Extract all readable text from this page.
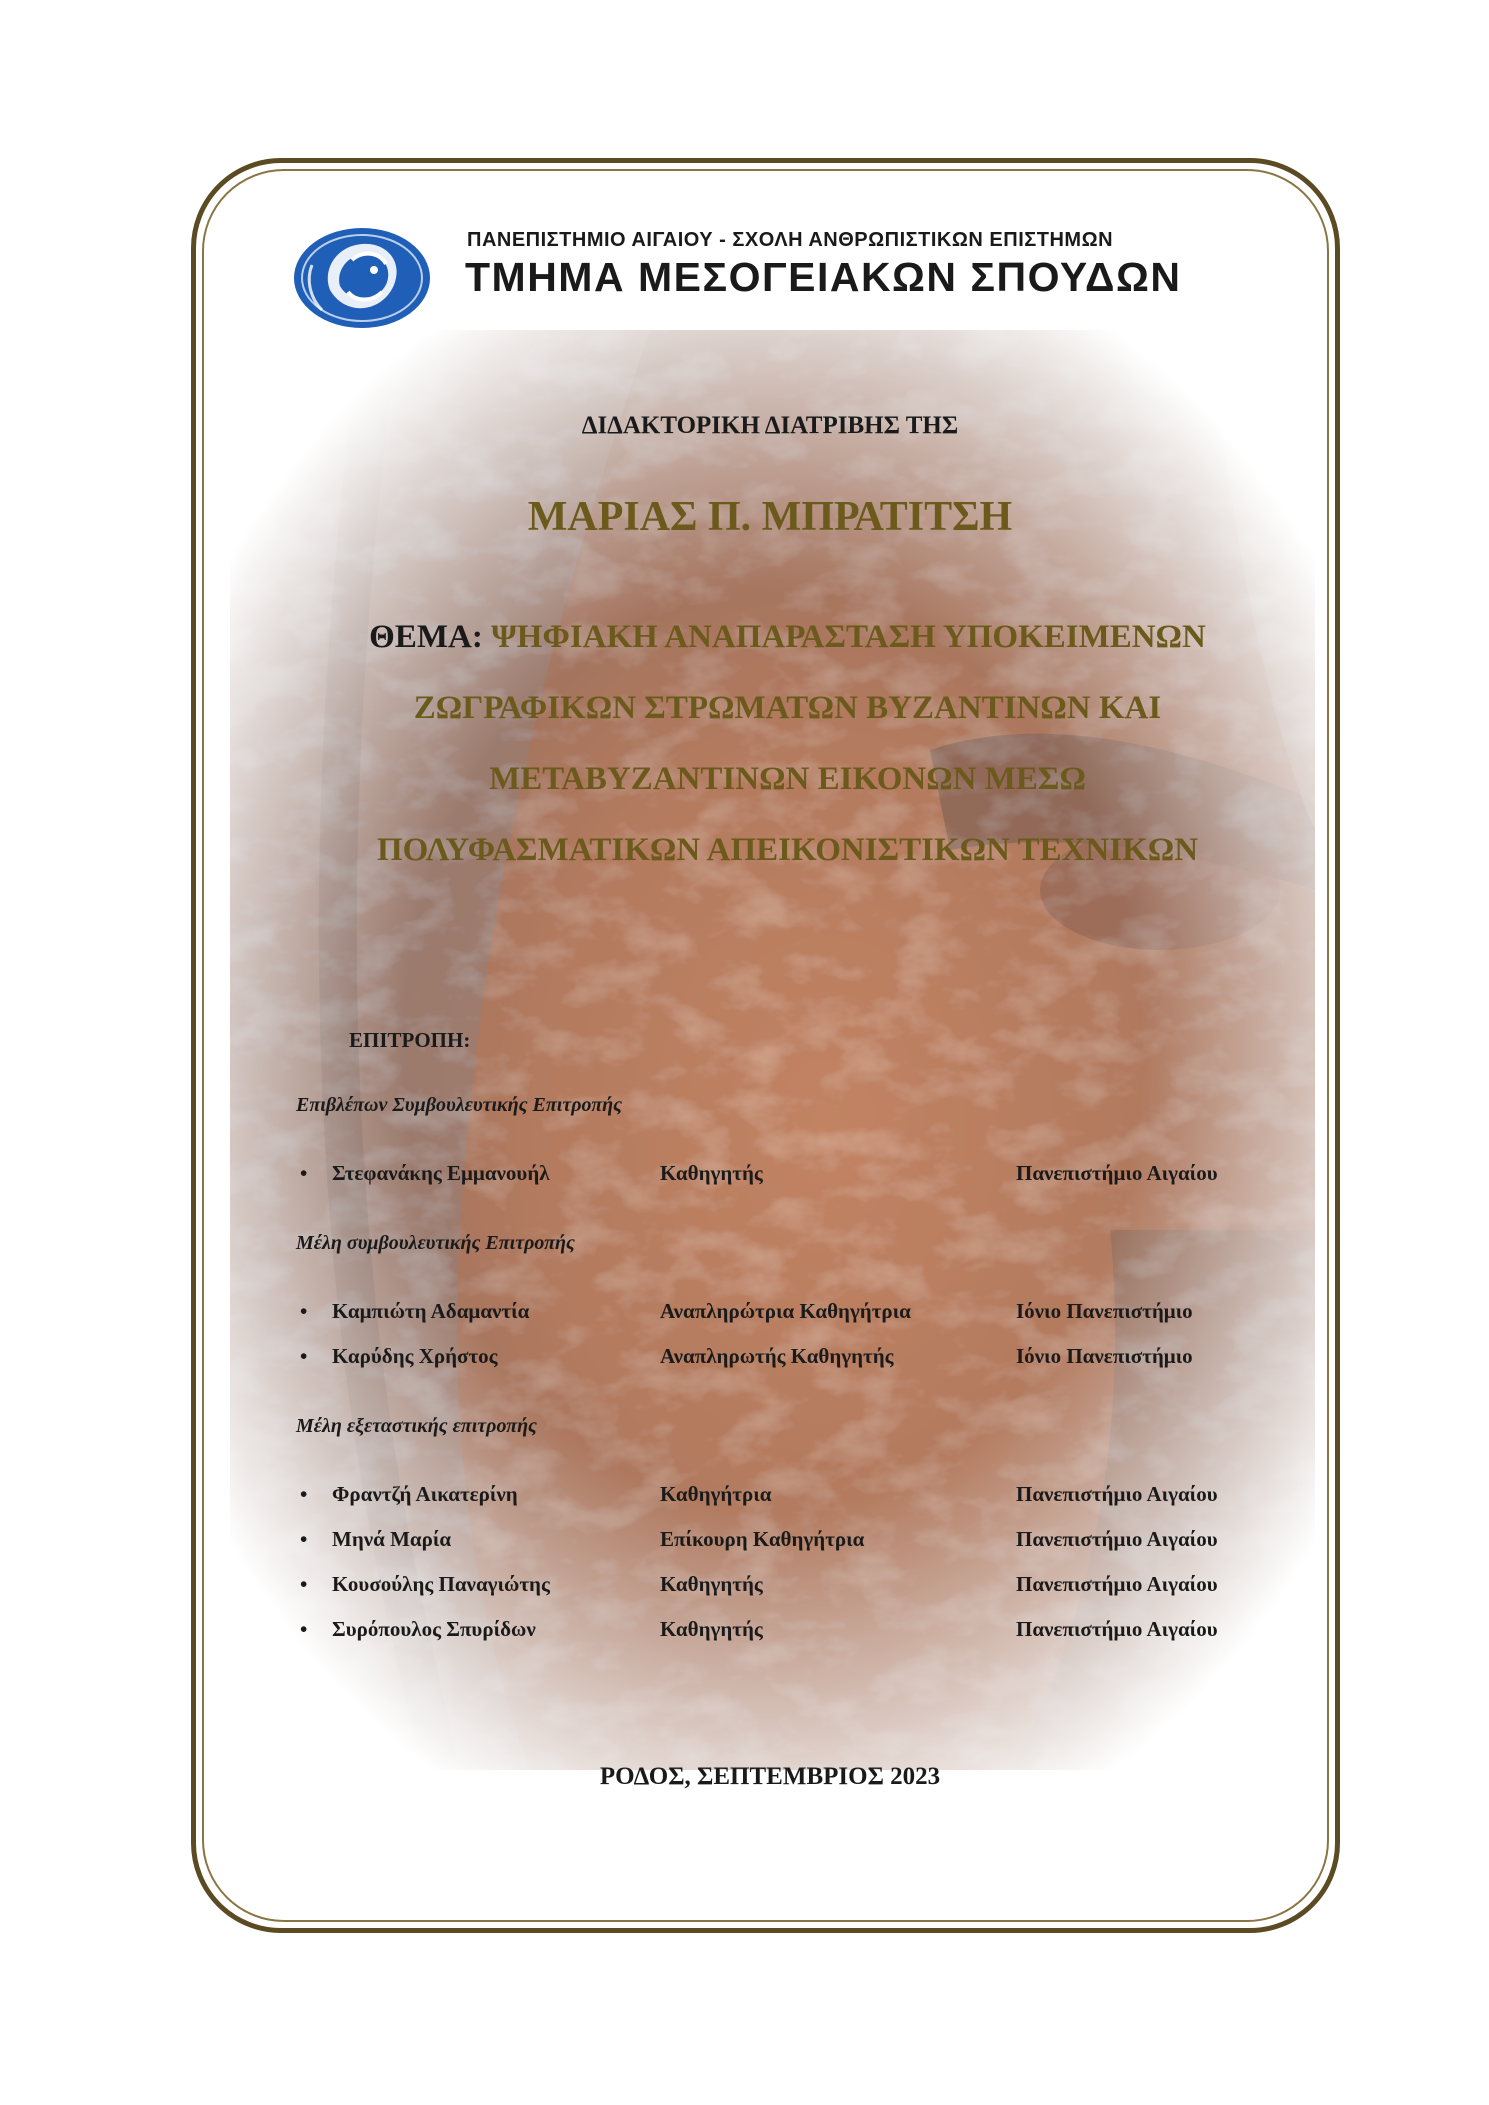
ΠΑΝΕΠΙΣΤΗΜΙΟ ΑΙΓΑΙΟΥ - ΣΧΟΛΗ ΑΝΘΡΩΠΙΣΤΙΚΩΝ ΕΠΙΣΤΗΜΩΝ
ΤΜΗΜΑ ΜΕΣΟΓΕΙΑΚΩΝ ΣΠΟΥΔΩΝ
ΔΙΔΑΚΤΟΡΙΚΗ ΔΙΑΤΡΙΒΗΣ ΤΗΣ
ΜΑΡΙΑΣ Π. ΜΠΡΑΤΙΤΣΗ
ΘΕΜΑ: ΨΗΦΙΑΚΗ ΑΝΑΠΑΡΑΣΤΑΣΗ ΥΠΟΚΕΙΜΕΝΩΝ
ΖΩΓΡΑΦΙΚΩΝ ΣΤΡΩΜΑΤΩΝ ΒΥΖΑΝΤΙΝΩΝ ΚΑΙ
ΜΕΤΑΒΥΖΑΝΤΙΝΩΝ ΕΙΚΟΝΩΝ ΜΕΣΩ
ΠΟΛΥΦΑΣΜΑΤΙΚΩΝ ΑΠΕΙΚΟΝΙΣΤΙΚΩΝ ΤΕΧΝΙΚΩΝ
ΕΠΙΤΡΟΠΗ:
Επιβλέπων Συμβουλευτικής Επιτροπής
• Στεφανάκης Εμμανουήλ	Καθηγητής	Πανεπιστήμιο Αιγαίου
Μέλη συμβουλευτικής Επιτροπής
• Καμπιώτη Αδαμαντία	Αναπληρώτρια Καθηγήτρια	Ιόνιο Πανεπιστήμιο
• Καρύδης Χρήστος	Αναπληρωτής Καθηγητής	Ιόνιο Πανεπιστήμιο
Μέλη εξεταστικής επιτροπής
• Φραντζή Αικατερίνη	Καθηγήτρια	Πανεπιστήμιο Αιγαίου
• Μηνά Μαρία	Επίκουρη Καθηγήτρια	Πανεπιστήμιο Αιγαίου
• Κουσούλης Παναγιώτης	Καθηγητής	Πανεπιστήμιο Αιγαίου
• Συρόπουλος Σπυρίδων	Καθηγητής	Πανεπιστήμιο Αιγαίου
ΡΟΔΟΣ, ΣΕΠΤΕΜΒΡΙΟΣ 2023
